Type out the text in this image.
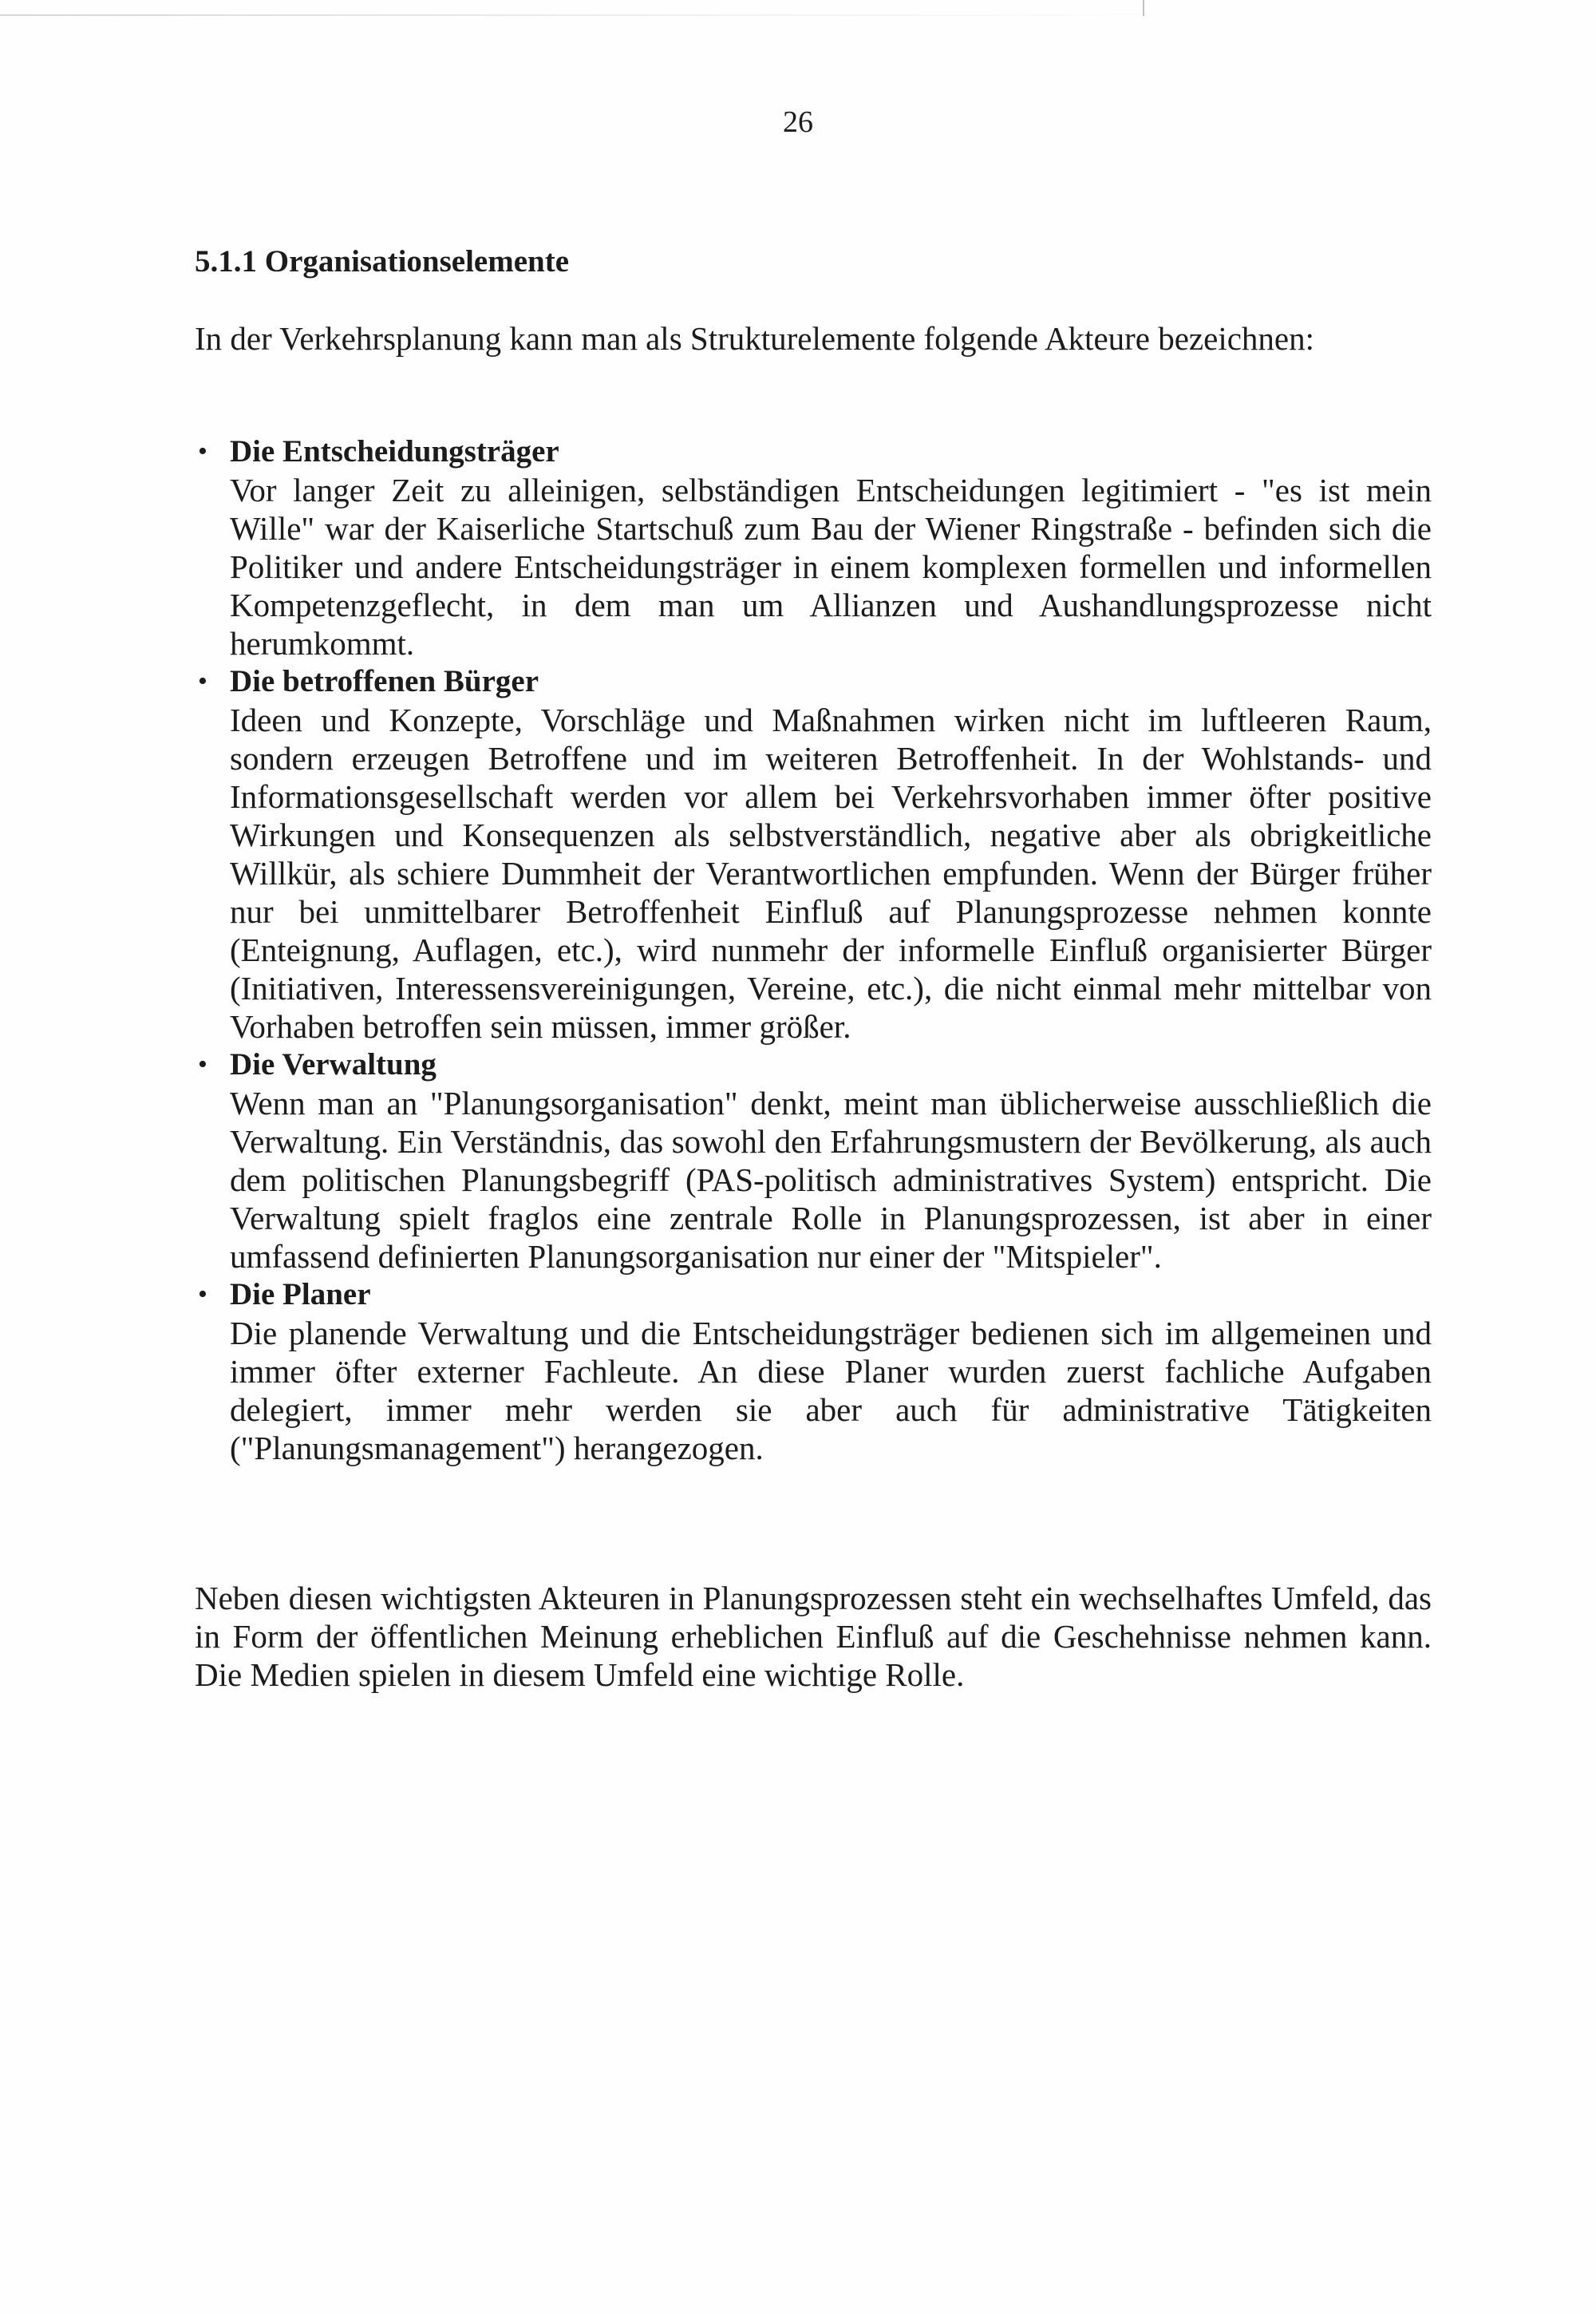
26
5.1.1 Organisationselemente

In der Verkehrsplanung kann man als Strukturelemente folgende Akteure bezeichnen:

• Die Entscheidungsträger
Vor langer Zeit zu alleinigen, selbständigen Entscheidungen legitimiert - "es ist mein Wille" war der Kaiserliche Startschuß zum Bau der Wiener Ringstraße - befinden sich die Politiker und andere Entscheidungsträger in einem komplexen formellen und informellen Kompetenzgeflecht, in dem man um Allianzen und Aushandlungsprozesse nicht herumkommt.
• Die betroffenen Bürger
Ideen und Konzepte, Vorschläge und Maßnahmen wirken nicht im luftleeren Raum, sondern erzeugen Betroffene und im weiteren Betroffenheit. In der Wohlstands- und Informationsgesellschaft werden vor allem bei Verkehrsvorhaben immer öfter positive Wirkungen und Konsequenzen als selbstverständlich, negative aber als obrigkeitliche Willkür, als schiere Dummheit der Verantwortlichen empfunden. Wenn der Bürger früher nur bei unmittelbarer Betroffenheit Einfluß auf Planungsprozesse nehmen konnte (Enteignung, Auflagen, etc.), wird nunmehr der informelle Einfluß organisierter Bürger (Initiativen, Interessensvereinigungen, Vereine, etc.), die nicht einmal mehr mittelbar von Vorhaben betroffen sein müssen, immer größer.
• Die Verwaltung
Wenn man an "Planungsorganisation" denkt, meint man üblicherweise ausschließlich die Verwaltung. Ein Verständnis, das sowohl den Erfahrungsmustern der Bevölkerung, als auch dem politischen Planungsbegriff (PAS-politisch administratives System) entspricht. Die Verwaltung spielt fraglos eine zentrale Rolle in Planungsprozessen, ist aber in einer umfassend definierten Planungsorganisation nur einer der "Mitspieler".
• Die Planer
Die planende Verwaltung und die Entscheidungsträger bedienen sich im allgemeinen und immer öfter externer Fachleute. An diese Planer wurden zuerst fachliche Aufgaben delegiert, immer mehr werden sie aber auch für administrative Tätigkeiten ("Planungsmanagement") herangezogen.

Neben diesen wichtigsten Akteuren in Planungsprozessen steht ein wechselhaftes Umfeld, das in Form der öffentlichen Meinung erheblichen Einfluß auf die Geschehnisse nehmen kann. Die Medien spielen in diesem Umfeld eine wichtige Rolle.
